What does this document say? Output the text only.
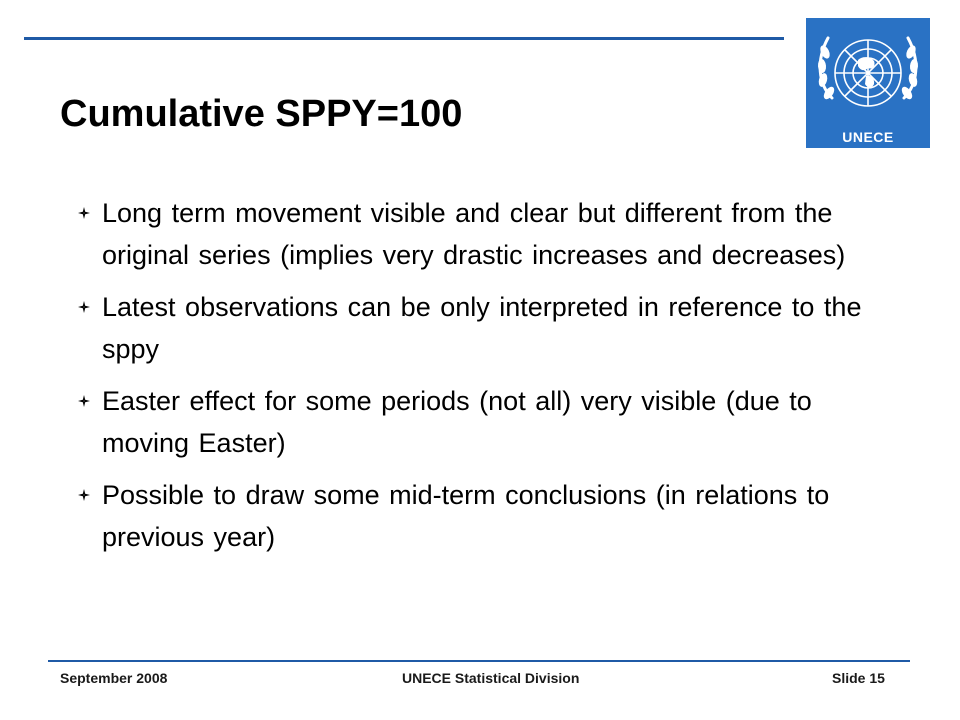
UNECE
Cumulative SPPY=100
Long term movement visible and clear but different from the original series (implies very drastic increases and decreases)
Latest observations can be only interpreted in reference to the sppy
Easter effect for some periods (not all) very visible (due to moving Easter)
Possible to draw some mid-term conclusions (in relations to previous year)
September 2008	UNECE Statistical Division	Slide 15
